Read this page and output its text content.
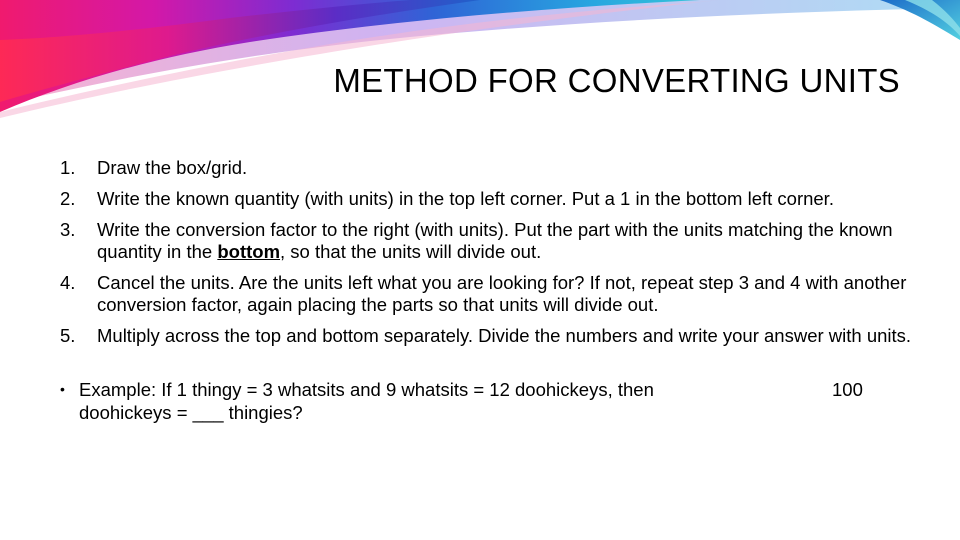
METHOD FOR CONVERTING UNITS
1. Draw the box/grid.
2. Write the known quantity (with units) in the top left corner. Put a 1 in the bottom left corner.
3. Write the conversion factor to the right (with units). Put the part with the units matching the known quantity in the bottom, so that the units will divide out.
4. Cancel the units. Are the units left what you are looking for? If not, repeat step 3 and 4 with another conversion factor, again placing the parts so that units will divide out.
5. Multiply across the top and bottom separately. Divide the numbers and write your answer with units.
• Example: If 1 thingy = 3 whatsits and 9 whatsits = 12 doohickeys, then doohickeys = ___ thingies?
100
